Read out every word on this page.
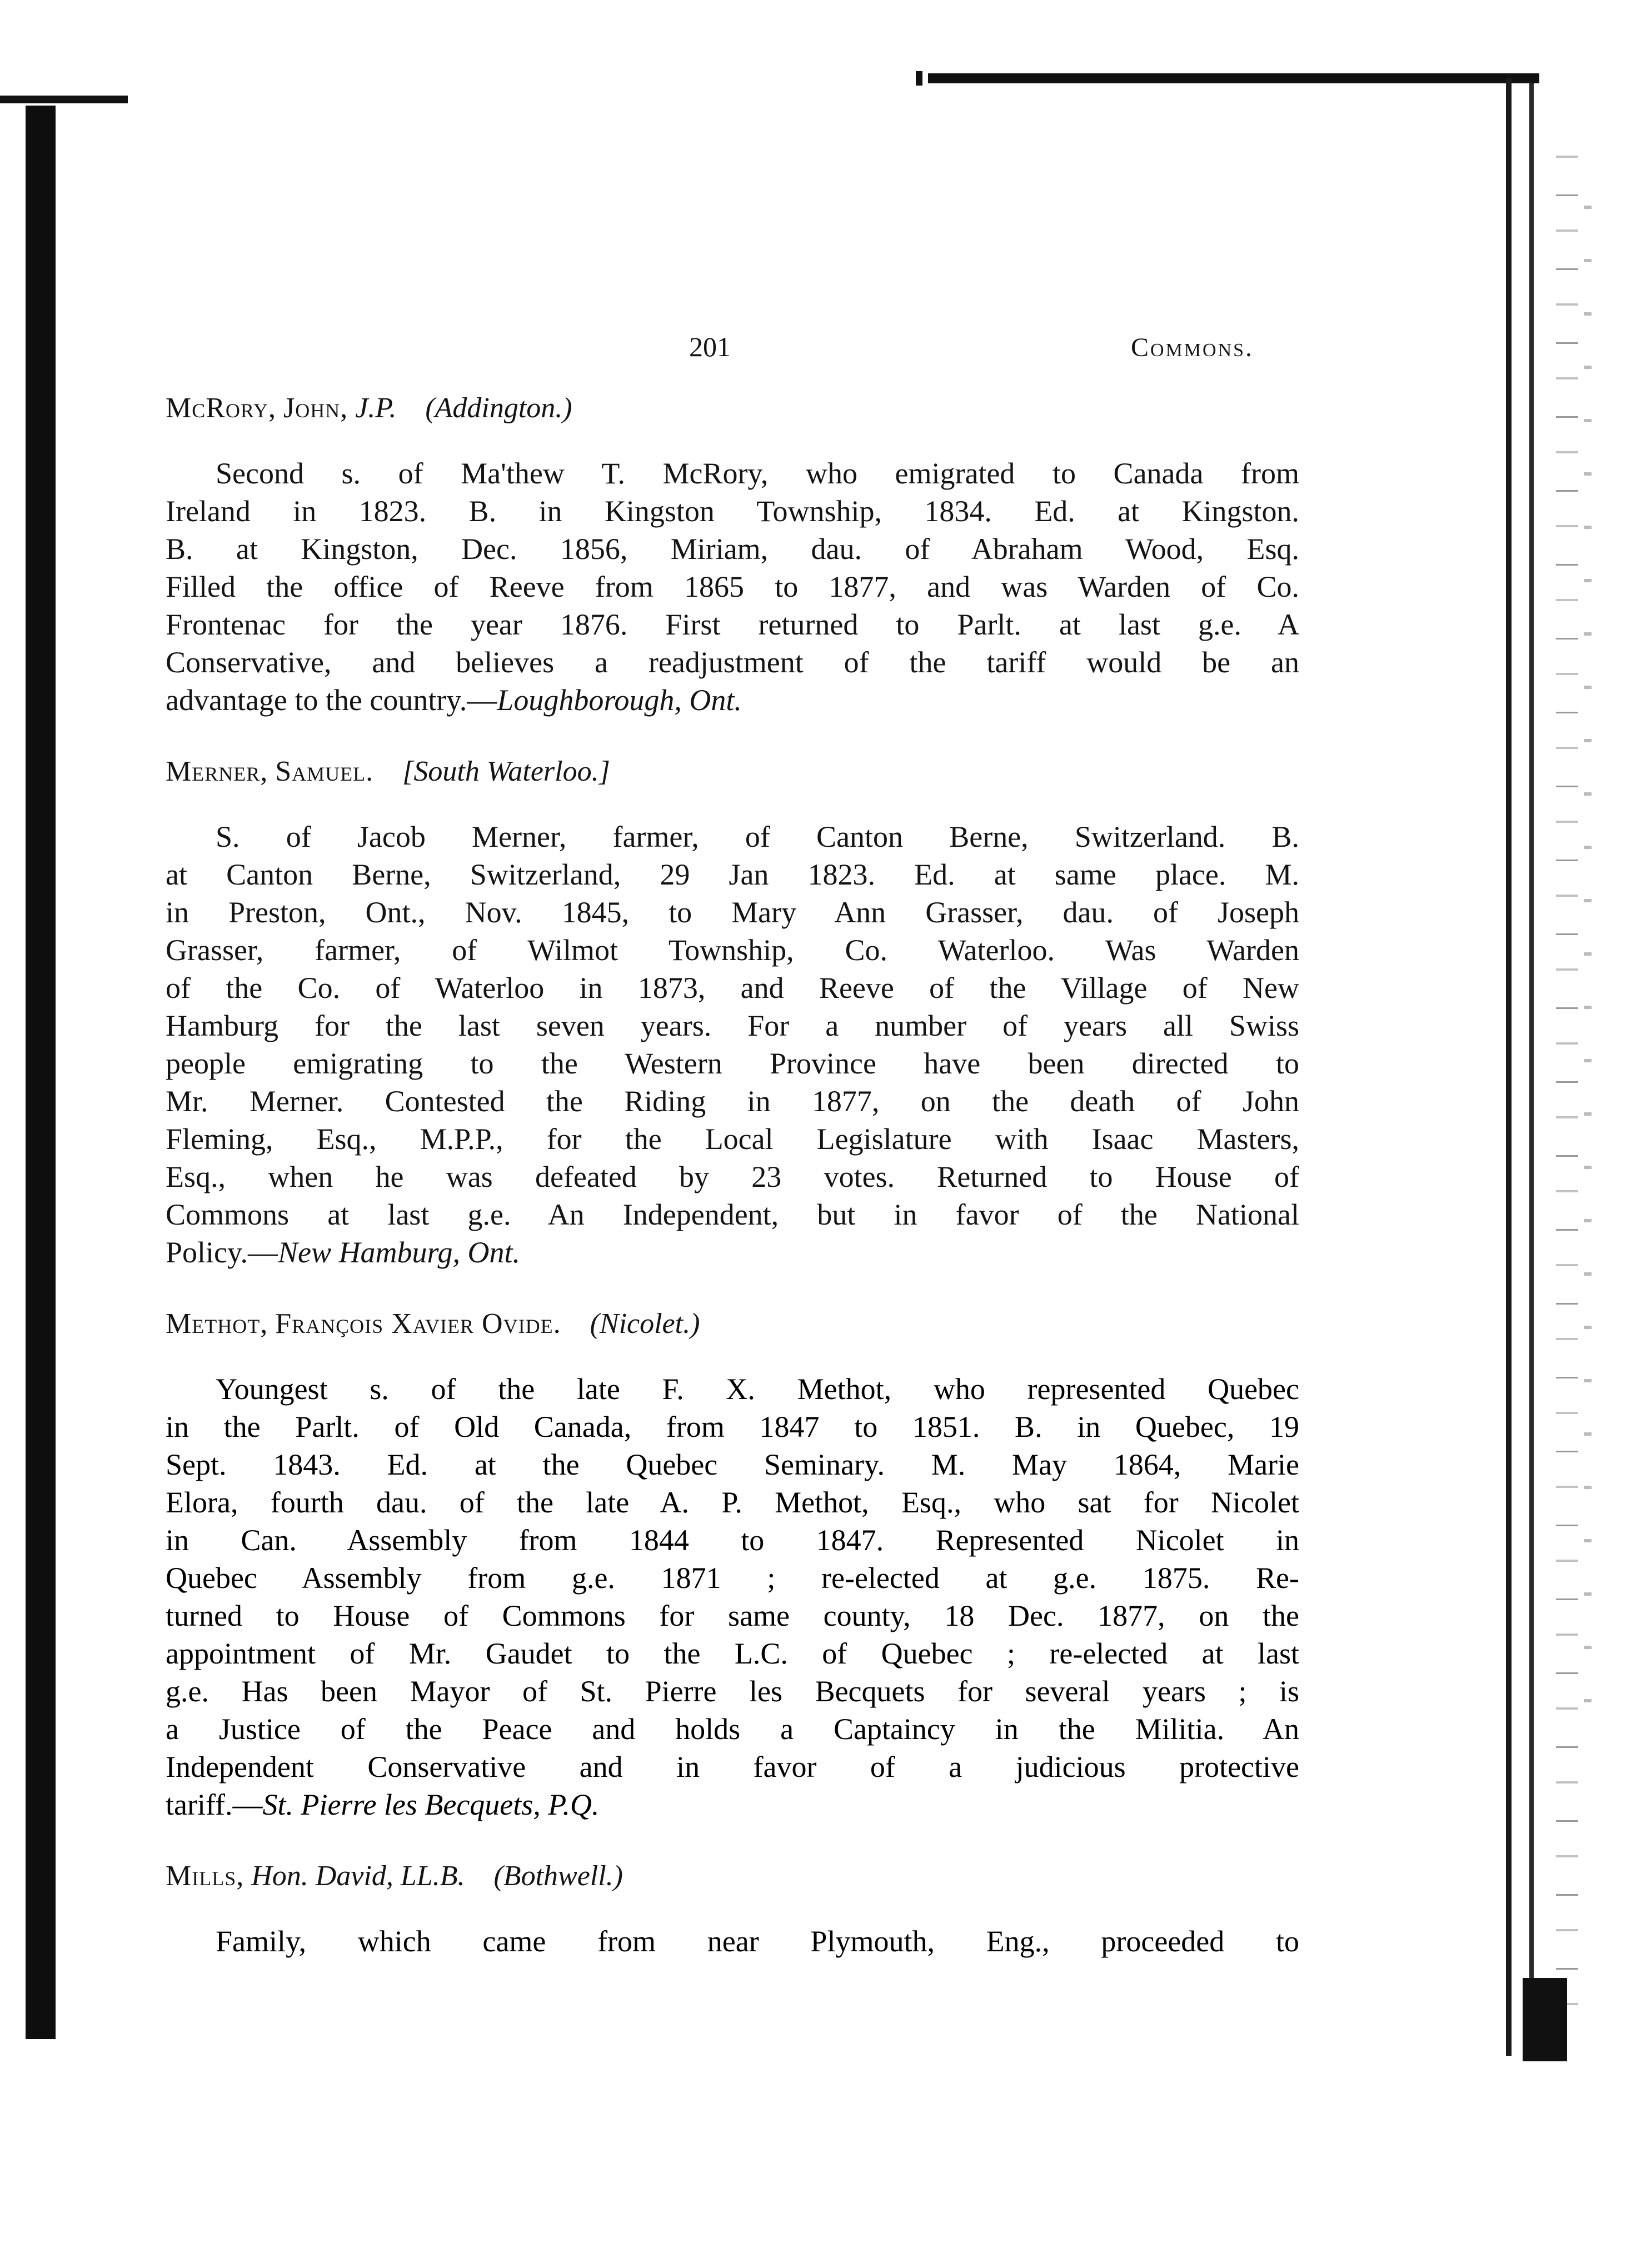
201	Commons.
McRory, John, J.P. (Addington.)

Second s. of Ma'thew T. McRory, who emigrated to Canada from
Ireland in 1823. B. in Kingston Township, 1834. Ed. at Kingston.
B. at Kingston, Dec. 1856, Miriam, dau. of Abraham Wood, Esq.
Filled the office of Reeve from 1865 to 1877, and was Warden of Co.
Frontenac for the year 1876. First returned to Parlt. at last g.e. A
Conservative, and believes a readjustment of the tariff would be an
advantage to the country.—Loughborough, Ont.

Merner, Samuel. [South Waterloo.]

S. of Jacob Merner, farmer, of Canton Berne, Switzerland. B.
at Canton Berne, Switzerland, 29 Jan 1823. Ed. at same place. M.
in Preston, Ont., Nov. 1845, to Mary Ann Grasser, dau. of Joseph
Grasser, farmer, of Wilmot Township, Co. Waterloo. Was Warden
of the Co. of Waterloo in 1873, and Reeve of the Village of New
Hamburg for the last seven years. For a number of years all Swiss
people emigrating to the Western Province have been directed to
Mr. Merner. Contested the Riding in 1877, on the death of John
Fleming, Esq., M.P.P., for the Local Legislature with Isaac Masters,
Esq., when he was defeated by 23 votes. Returned to House of
Commons at last g.e. An Independent, but in favor of the National
Policy.—New Hamburg, Ont.

Methot, François Xavier Ovide. (Nicolet.)

Youngest s. of the late F. X. Methot, who represented Quebec
in the Parlt. of Old Canada, from 1847 to 1851. B. in Quebec, 19
Sept. 1843. Ed. at the Quebec Seminary. M. May 1864, Marie
Elora, fourth dau. of the late A. P. Methot, Esq., who sat for Nicolet
in Can. Assembly from 1844 to 1847. Represented Nicolet in
Quebec Assembly from g.e. 1871 ; re-elected at g.e. 1875. Re-
turned to House of Commons for same county, 18 Dec. 1877, on the
appointment of Mr. Gaudet to the L.C. of Quebec ; re-elected at last
g.e. Has been Mayor of St. Pierre les Becquets for several years ; is
a Justice of the Peace and holds a Captaincy in the Militia. An
Independent Conservative and in favor of a judicious protective
tariff.—St. Pierre les Becquets, P.Q.

Mills, Hon. David, LL.B. (Bothwell.)

Family, which came from near Plymouth, Eng., proceeded to
